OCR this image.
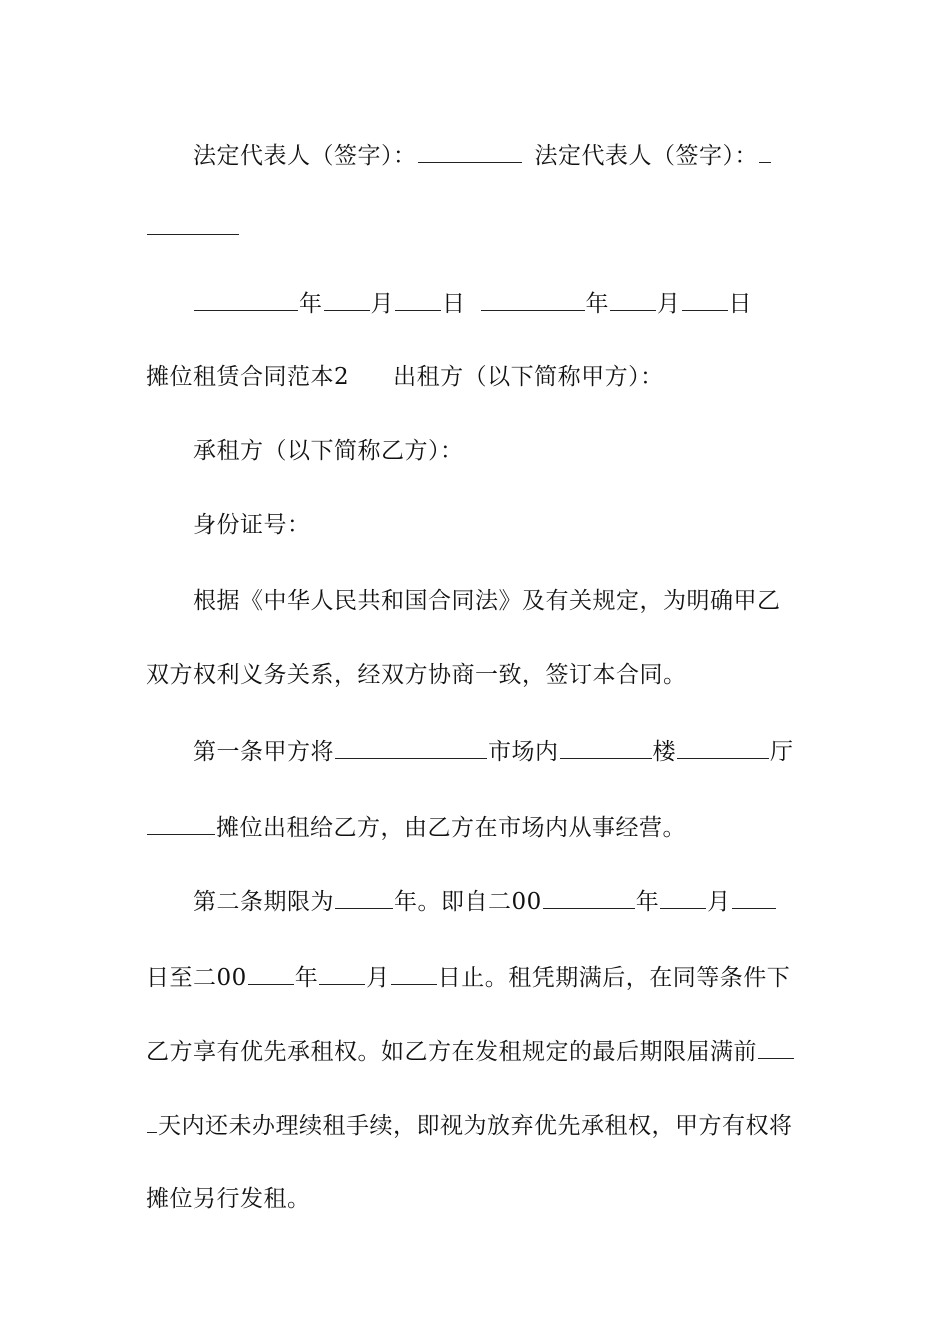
法定代表人（签字）：	法定代表人（签字）：
年 月 日	年 月 日
摊位租赁合同范本2 出租方（以下简称甲方）：
承租方（以下简称乙方）：
身份证号：
根据《中华人民共和国合同法》及有关规定，为明确甲乙
双方权利义务关系，经双方协商一致，签订本合同。
第一条甲方将	市场内	楼	厅
摊位出租给乙方，由乙方在市场内从事经营。
第二条期限为	年。即自二00	年 月
日至二00 年 月 日止。租凭期满后，在同等条件下
乙方享有优先承租权。如乙方在发租规定的最后期限届满前
天内还未办理续租手续，即视为放弃优先承租权，甲方有权将
摊位另行发租。
